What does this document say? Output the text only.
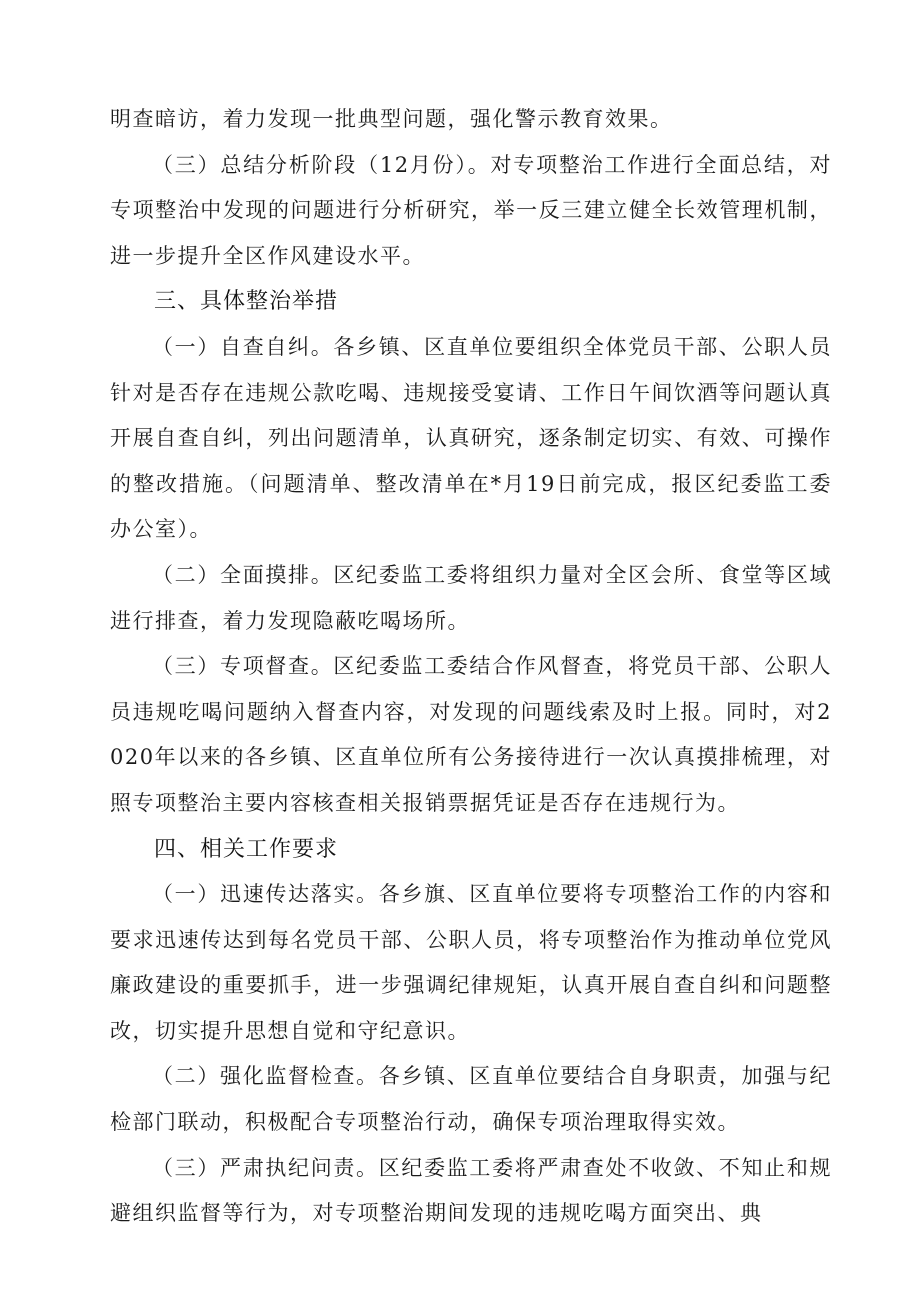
明查暗访，着力发现一批典型问题，强化警示教育效果。

（三）总结分析阶段（12月份）。对专项整治工作进行全面总结，对专项整治中发现的问题进行分析研究，举一反三建立健全长效管理机制，进一步提升全区作风建设水平。

三、具体整治举措

（一）自查自纠。各乡镇、区直单位要组织全体党员干部、公职人员针对是否存在违规公款吃喝、违规接受宴请、工作日午间饮酒等问题认真开展自查自纠，列出问题清单，认真研究，逐条制定切实、有效、可操作的整改措施。（问题清单、整改清单在*月19日前完成，报区纪委监工委办公室）。

（二）全面摸排。区纪委监工委将组织力量对全区会所、食堂等区域进行排查，着力发现隐蔽吃喝场所。

（三）专项督查。区纪委监工委结合作风督查，将党员干部、公职人员违规吃喝问题纳入督查内容，对发现的问题线索及时上报。同时，对2020年以来的各乡镇、区直单位所有公务接待进行一次认真摸排梳理，对照专项整治主要内容核查相关报销票据凭证是否存在违规行为。

四、相关工作要求

（一）迅速传达落实。各乡旗、区直单位要将专项整治工作的内容和要求迅速传达到每名党员干部、公职人员，将专项整治作为推动单位党风廉政建设的重要抓手，进一步强调纪律规矩，认真开展自查自纠和问题整改，切实提升思想自觉和守纪意识。

（二）强化监督检查。各乡镇、区直单位要结合自身职责，加强与纪检部门联动，积极配合专项整治行动，确保专项治理取得实效。

（三）严肃执纪问责。区纪委监工委将严肃查处不收敛、不知止和规避组织监督等行为，对专项整治期间发现的违规吃喝方面突出、典
